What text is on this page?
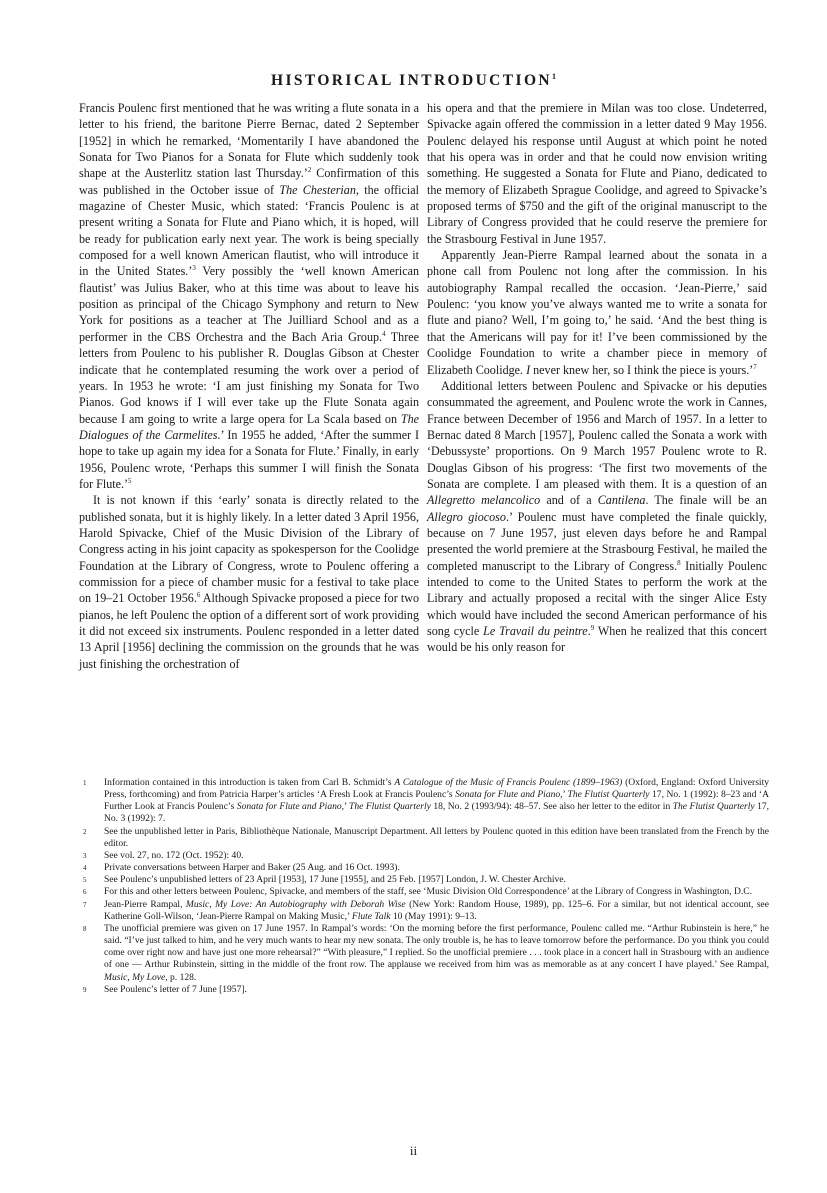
HISTORICAL INTRODUCTION$^1$

Francis Poulenc first mentioned that he was writing a flute sonata in a letter to his friend, the baritone Pierre Bernac, dated 2 September [1952] in which he remarked, ‘Momentarily I have abandoned the Sonata for Two Pianos for a Sonata for Flute which suddenly took shape at the Austerlitz station last Thursday.’$^2$ Confirmation of this was published in the October issue of The Chesterian, the official magazine of Chester Music, which stated: ‘Francis Poulenc is at present writing a Sonata for Flute and Piano which, it is hoped, will be ready for publication early next year. The work is being specially composed for a well known American flautist, who will introduce it in the United States.’$^3$ Very possibly the ‘well known American flautist’ was Julius Baker, who at this time was about to leave his position as principal of the Chicago Symphony and return to New York for positions as a teacher at The Juilliard School and as a performer in the CBS Orchestra and the Bach Aria Group.$^4$ Three letters from Poulenc to his publisher R. Douglas Gibson at Chester indicate that he contemplated resuming the work over a period of years. In 1953 he wrote: ‘I am just finishing my Sonata for Two Pianos. God knows if I will ever take up the Flute Sonata again because I am going to write a large opera for La Scala based on The Dialogues of the Carmelites.’ In 1955 he added, ‘After the summer I hope to take up again my idea for a Sonata for Flute.’ Finally, in early 1956, Poulenc wrote, ‘Perhaps this summer I will finish the Sonata for Flute.’$^5$

It is not known if this ‘early’ sonata is directly related to the published sonata, but it is highly likely. In a letter dated 3 April 1956, Harold Spivacke, Chief of the Music Division of the Library of Congress acting in his joint capacity as spokesperson for the Coolidge Foundation at the Library of Congress, wrote to Poulenc offering a commission for a piece of chamber music for a festival to take place on 19–21 October 1956.$^6$ Although Spivacke proposed a piece for two pianos, he left Poulenc the option of a different sort of work providing it did not exceed six instruments. Poulenc responded in a letter dated 13 April [1956] declining the commission on the grounds that he was just finishing the orchestration of

his opera and that the premiere in Milan was too close. Undeterred, Spivacke again offered the commission in a letter dated 9 May 1956. Poulenc delayed his response until August at which point he noted that his opera was in order and that he could now envision writing something. He suggested a Sonata for Flute and Piano, dedicated to the memory of Elizabeth Sprague Coolidge, and agreed to Spivacke’s proposed terms of $750 and the gift of the original manuscript to the Library of Congress provided that he could reserve the premiere for the Strasbourg Festival in June 1957.

Apparently Jean-Pierre Rampal learned about the sonata in a phone call from Poulenc not long after the commission. In his autobiography Rampal recalled the occasion. ‘Jean-Pierre,’ said Poulenc: ‘you know you’ve always wanted me to write a sonata for flute and piano? Well, I’m going to,’ he said. ‘And the best thing is that the Americans will pay for it! I’ve been commissioned by the Coolidge Foundation to write a chamber piece in memory of Elizabeth Coolidge. I never knew her, so I think the piece is yours.’$^7$

Additional letters between Poulenc and Spivacke or his deputies consummated the agreement, and Poulenc wrote the work in Cannes, France between December of 1956 and March of 1957. In a letter to Bernac dated 8 March [1957], Poulenc called the Sonata a work with ‘Debussyste’ proportions. On 9 March 1957 Poulenc wrote to R. Douglas Gibson of his progress: ‘The first two movements of the Sonata are complete. I am pleased with them. It is a question of an Allegretto melancolico and of a Cantilena. The finale will be an Allegro giocoso.’ Poulenc must have completed the finale quickly, because on 7 June 1957, just eleven days before he and Rampal presented the world premiere at the Strasbourg Festival, he mailed the completed manuscript to the Library of Congress.$^8$ Initially Poulenc intended to come to the United States to perform the work at the Library and actually proposed a recital with the singer Alice Esty which would have included the second American performance of his song cycle Le Travail du peintre.$^9$ When he realized that this concert would be his only reason for

1 Information contained in this introduction is taken from Carl B. Schmidt’s A Catalogue of the Music of Francis Poulenc (1899–1963) (Oxford, England: Oxford University Press, forthcoming) and from Patricia Harper’s articles ‘A Fresh Look at Francis Poulenc’s Sonata for Flute and Piano,’ The Flutist Quarterly 17, No. 1 (1992): 8–23 and ‘A Further Look at Francis Poulenc’s Sonata for Flute and Piano,’ The Flutist Quarterly 18, No. 2 (1993/94): 48–57. See also her letter to the editor in The Flutist Quarterly 17, No. 3 (1992): 7.
2 See the unpublished letter in Paris, Bibliothèque Nationale, Manuscript Department. All letters by Poulenc quoted in this edition have been translated from the French by the editor.
3 See vol. 27, no. 172 (Oct. 1952): 40.
4 Private conversations between Harper and Baker (25 Aug. and 16 Oct. 1993).
5 See Poulenc’s unpublished letters of 23 April [1953], 17 June [1955], and 25 Feb. [1957] London, J. W. Chester Archive.
6 For this and other letters between Poulenc, Spivacke, and members of the staff, see ‘Music Division Old Correspondence’ at the Library of Congress in Washington, D.C.
7 Jean-Pierre Rampal, Music, My Love: An Autobiography with Deborah Wise (New York: Random House, 1989), pp. 125–6. For a similar, but not identical account, see Katherine Goll-Wilson, ‘Jean-Pierre Rampal on Making Music,’ Flute Talk 10 (May 1991): 9–13.
8 The unofficial premiere was given on 17 June 1957. In Rampal’s words: ‘On the morning before the first performance, Poulenc called me. “Arthur Rubinstein is here,” he said. “I’ve just talked to him, and he very much wants to hear my new sonata. The only trouble is, he has to leave tomorrow before the performance. Do you think you could come over right now and have just one more rehearsal?” “With pleasure,” I replied. So the unofficial premiere . . . took place in a concert hall in Strasbourg with an audience of one — Arthur Rubinstein, sitting in the middle of the front row. The applause we received from him was as memorable as at any concert I have played.’ See Rampal, Music, My Love, p. 128.
9 See Poulenc’s letter of 7 June [1957].
ii
